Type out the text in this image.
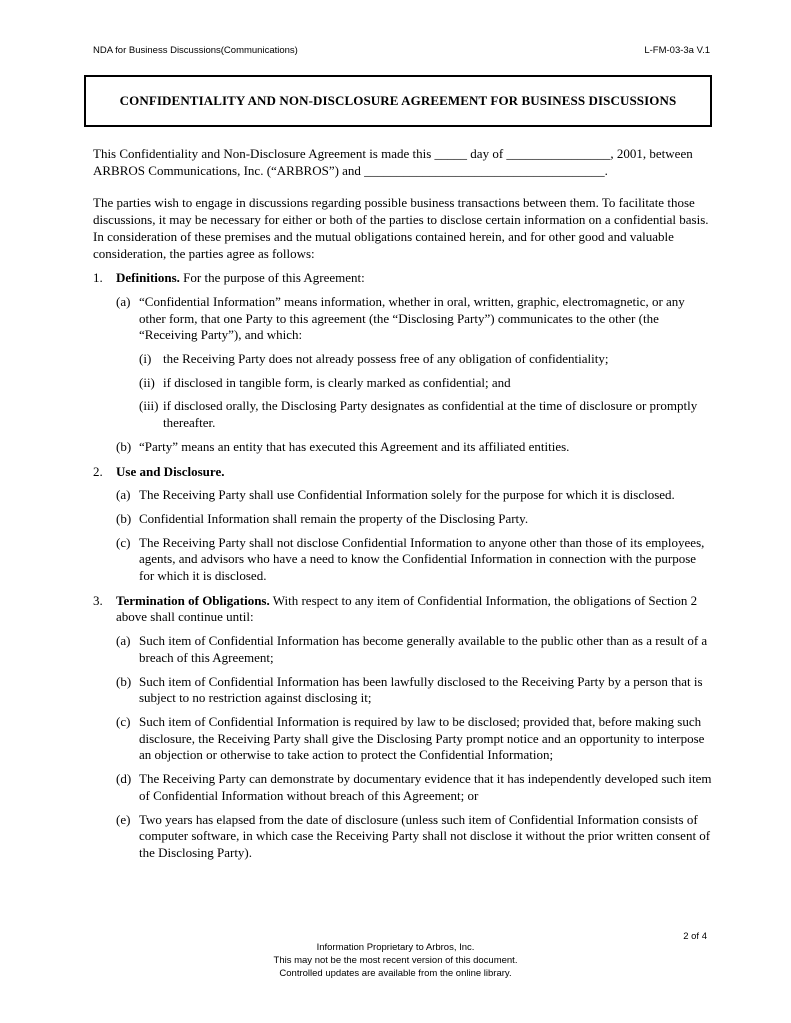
NDA for Business Discussions(Communications)	L-FM-03-3a V.1
CONFIDENTIALITY AND NON-DISCLOSURE AGREEMENT FOR BUSINESS DISCUSSIONS

This Confidentiality and Non-Disclosure Agreement is made this _____ day of ________________, 2001, between ARBROS Communications, Inc. (“ARBROS”) and _____________________________________.

The parties wish to engage in discussions regarding possible business transactions between them. To facilitate those discussions, it may be necessary for either or both of the parties to disclose certain information on a confidential basis. In consideration of these premises and the mutual obligations contained herein, and for other good and valuable consideration, the parties agree as follows:

1. Definitions. For the purpose of this Agreement:
(a) “Confidential Information” means information, whether in oral, written, graphic, electromagnetic, or any other form, that one Party to this agreement (the “Disclosing Party”) communicates to the other (the “Receiving Party”), and which:
(i) the Receiving Party does not already possess free of any obligation of confidentiality;
(ii) if disclosed in tangible form, is clearly marked as confidential; and
(iii) if disclosed orally, the Disclosing Party designates as confidential at the time of disclosure or promptly thereafter.
(b) “Party” means an entity that has executed this Agreement and its affiliated entities.
2. Use and Disclosure.
(a) The Receiving Party shall use Confidential Information solely for the purpose for which it is disclosed.
(b) Confidential Information shall remain the property of the Disclosing Party.
(c) The Receiving Party shall not disclose Confidential Information to anyone other than those of its employees, agents, and advisors who have a need to know the Confidential Information in connection with the purpose for which it is disclosed.
3. Termination of Obligations. With respect to any item of Confidential Information, the obligations of Section 2 above shall continue until:
(a) Such item of Confidential Information has become generally available to the public other than as a result of a breach of this Agreement;
(b) Such item of Confidential Information has been lawfully disclosed to the Receiving Party by a person that is subject to no restriction against disclosing it;
(c) Such item of Confidential Information is required by law to be disclosed; provided that, before making such disclosure, the Receiving Party shall give the Disclosing Party prompt notice and an opportunity to interpose an objection or otherwise to take action to protect the Confidential Information;
(d) The Receiving Party can demonstrate by documentary evidence that it has independently developed such item of Confidential Information without breach of this Agreement; or
(e) Two years has elapsed from the date of disclosure (unless such item of Confidential Information consists of computer software, in which case the Receiving Party shall not disclose it without the prior written consent of the Disclosing Party).
2 of 4
Information Proprietary to Arbros, Inc.
This may not be the most recent version of this document.
Controlled updates are available from the online library.
